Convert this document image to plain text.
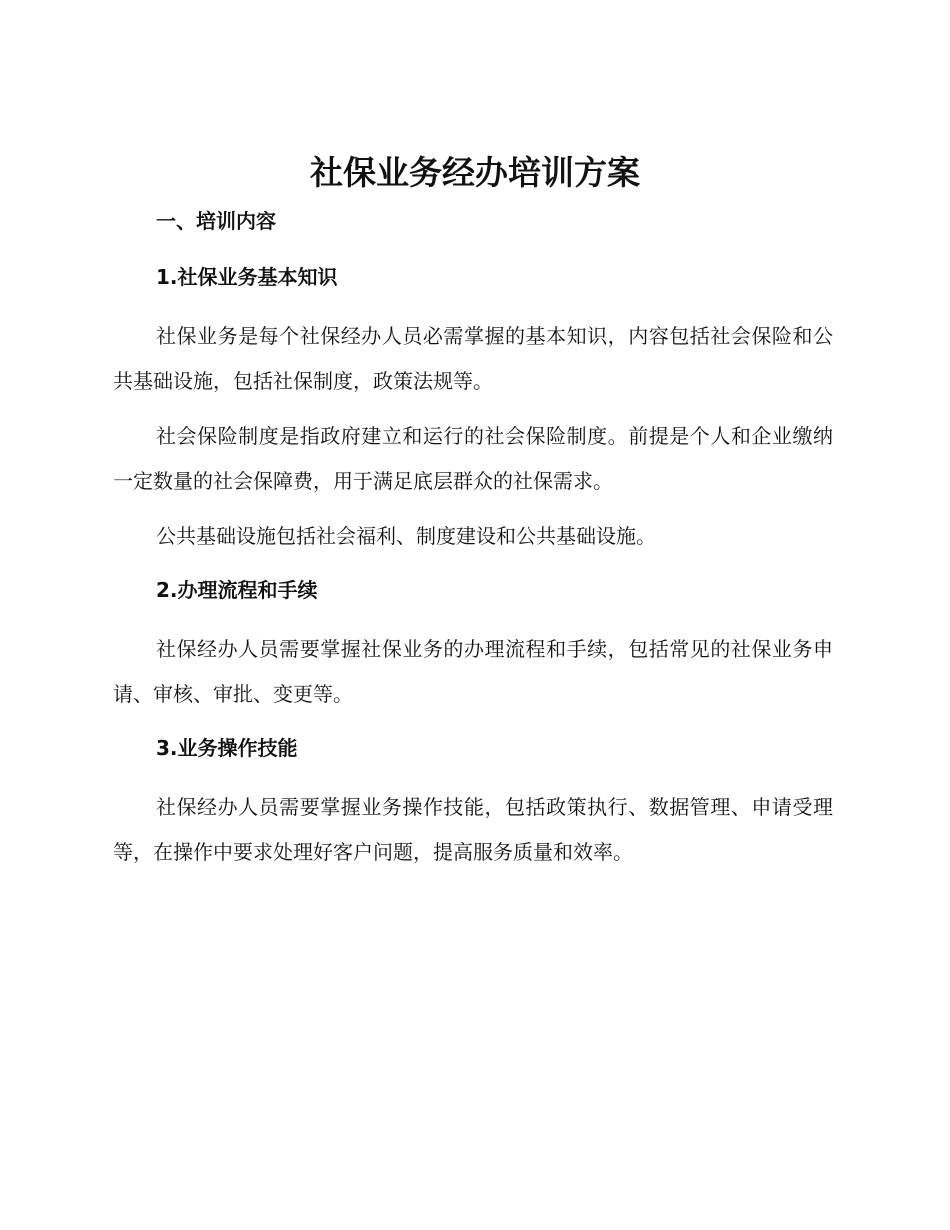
社保业务经办培训方案
一、培训内容
1.社保业务基本知识
社保业务是每个社保经办人员必需掌握的基本知识，内容包括社会保险和公共基础设施，包括社保制度，政策法规等。
社会保险制度是指政府建立和运行的社会保险制度。前提是个人和企业缴纳一定数量的社会保障费，用于满足底层群众的社保需求。
公共基础设施包括社会福利、制度建设和公共基础设施。
2.办理流程和手续
社保经办人员需要掌握社保业务的办理流程和手续，包括常见的社保业务申请、审核、审批、变更等。
3.业务操作技能
社保经办人员需要掌握业务操作技能，包括政策执行、数据管理、申请受理等，在操作中要求处理好客户问题，提高服务质量和效率。
